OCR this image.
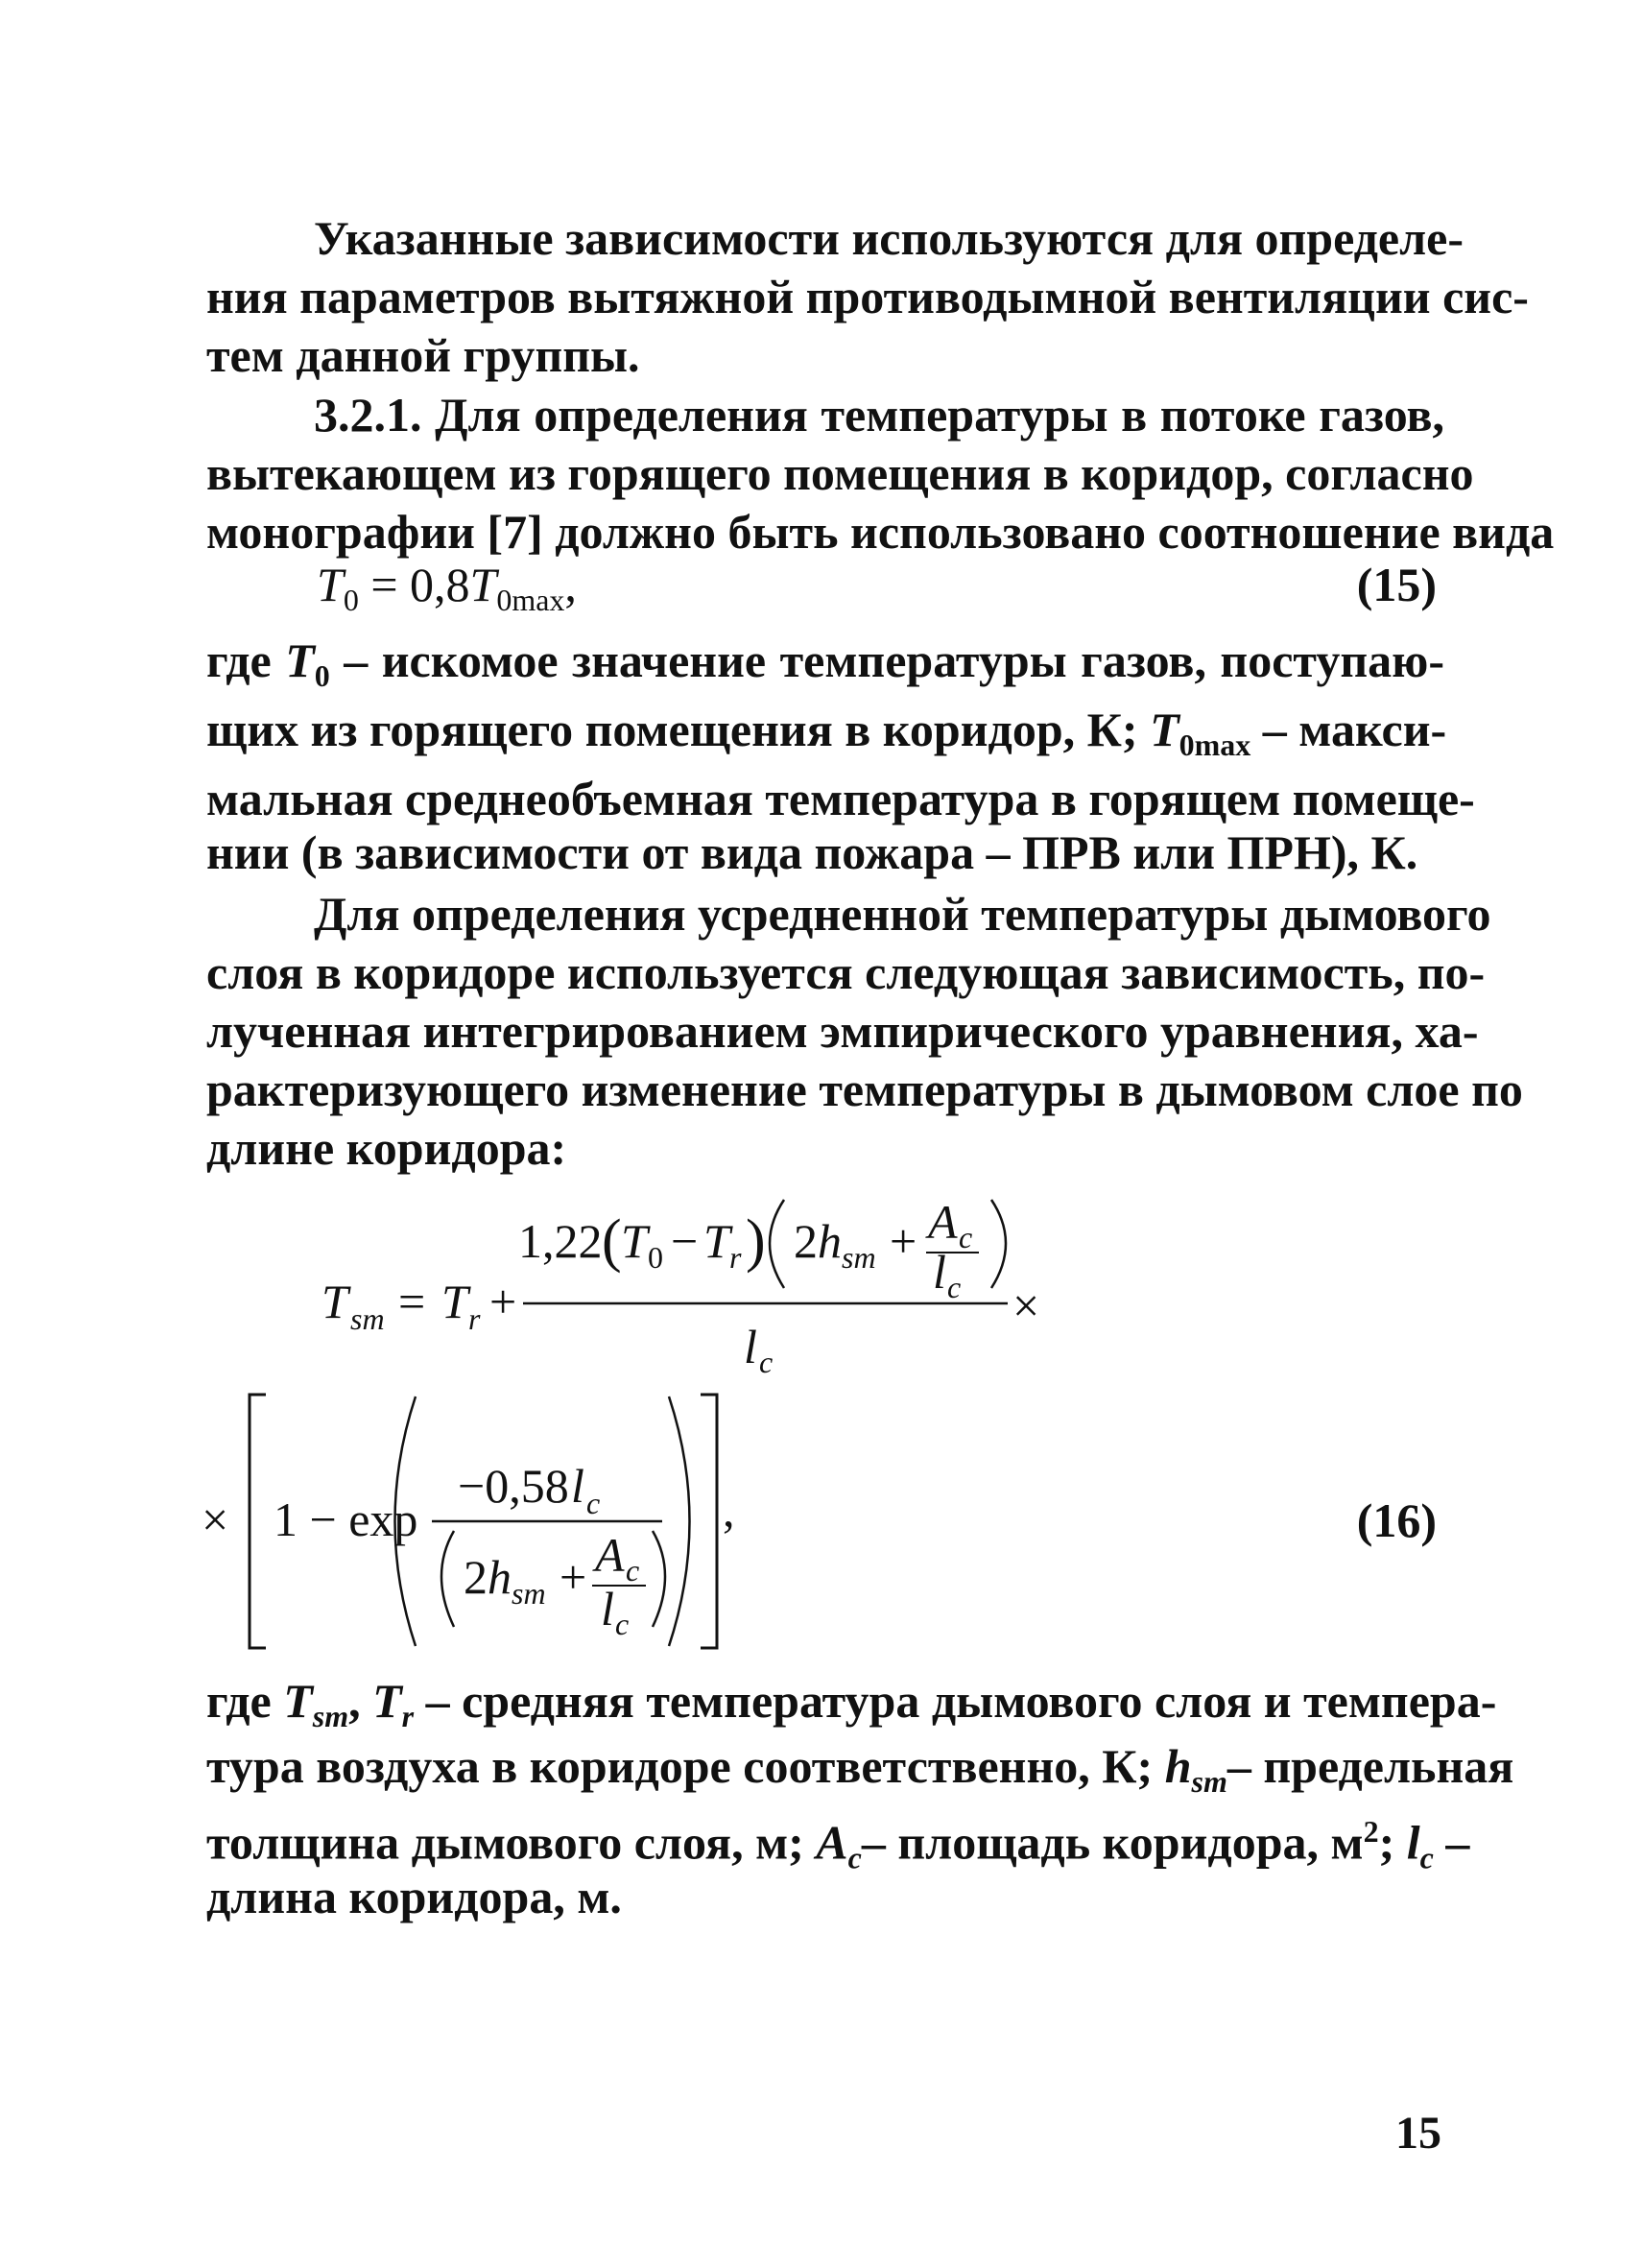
Указанные зависимости используются для определе-
ния параметров вытяжной противодымной вентиляции сис-
тем данной группы.
3.2.1. Для определения температуры в потоке газов,
вытекающем из горящего помещения в коридор, согласно
монографии [7] должно быть использовано соотношение вида
$T_0 = 0,8T_{0max}$,	(15)
где $T_0$ – искомое значение температуры газов, поступаю-
щих из горящего помещения в коридор, К; $T_{0max}$ – макси-
мальная среднеобъемная температура в горящем помеще-
нии (в зависимости от вида пожара – ПРВ или ПРН), К.
Для определения усредненной температуры дымового
слоя в коридоре используется следующая зависимость, по-
лученная интегрированием эмпирического уравнения, ха-
рактеризующего изменение температуры в дымовом слое по
длине коридора:
T sm = T r +	×
1,22 ( T 0 − T r ) 2 h sm + A c
l c
l c
× 1 − exp
−0,58 l c
2 h sm + A c
l c
,	(16)
где $T_{sm}$, $T_r$ – средняя температура дымового слоя и темпера-
тура воздуха в коридоре соответственно, К; $h_{sm}-$ предельная
толщина дымового слоя, м; $A_c-$ площадь коридора, $м^2$; $l_c$ –
длина коридора, м.
15
